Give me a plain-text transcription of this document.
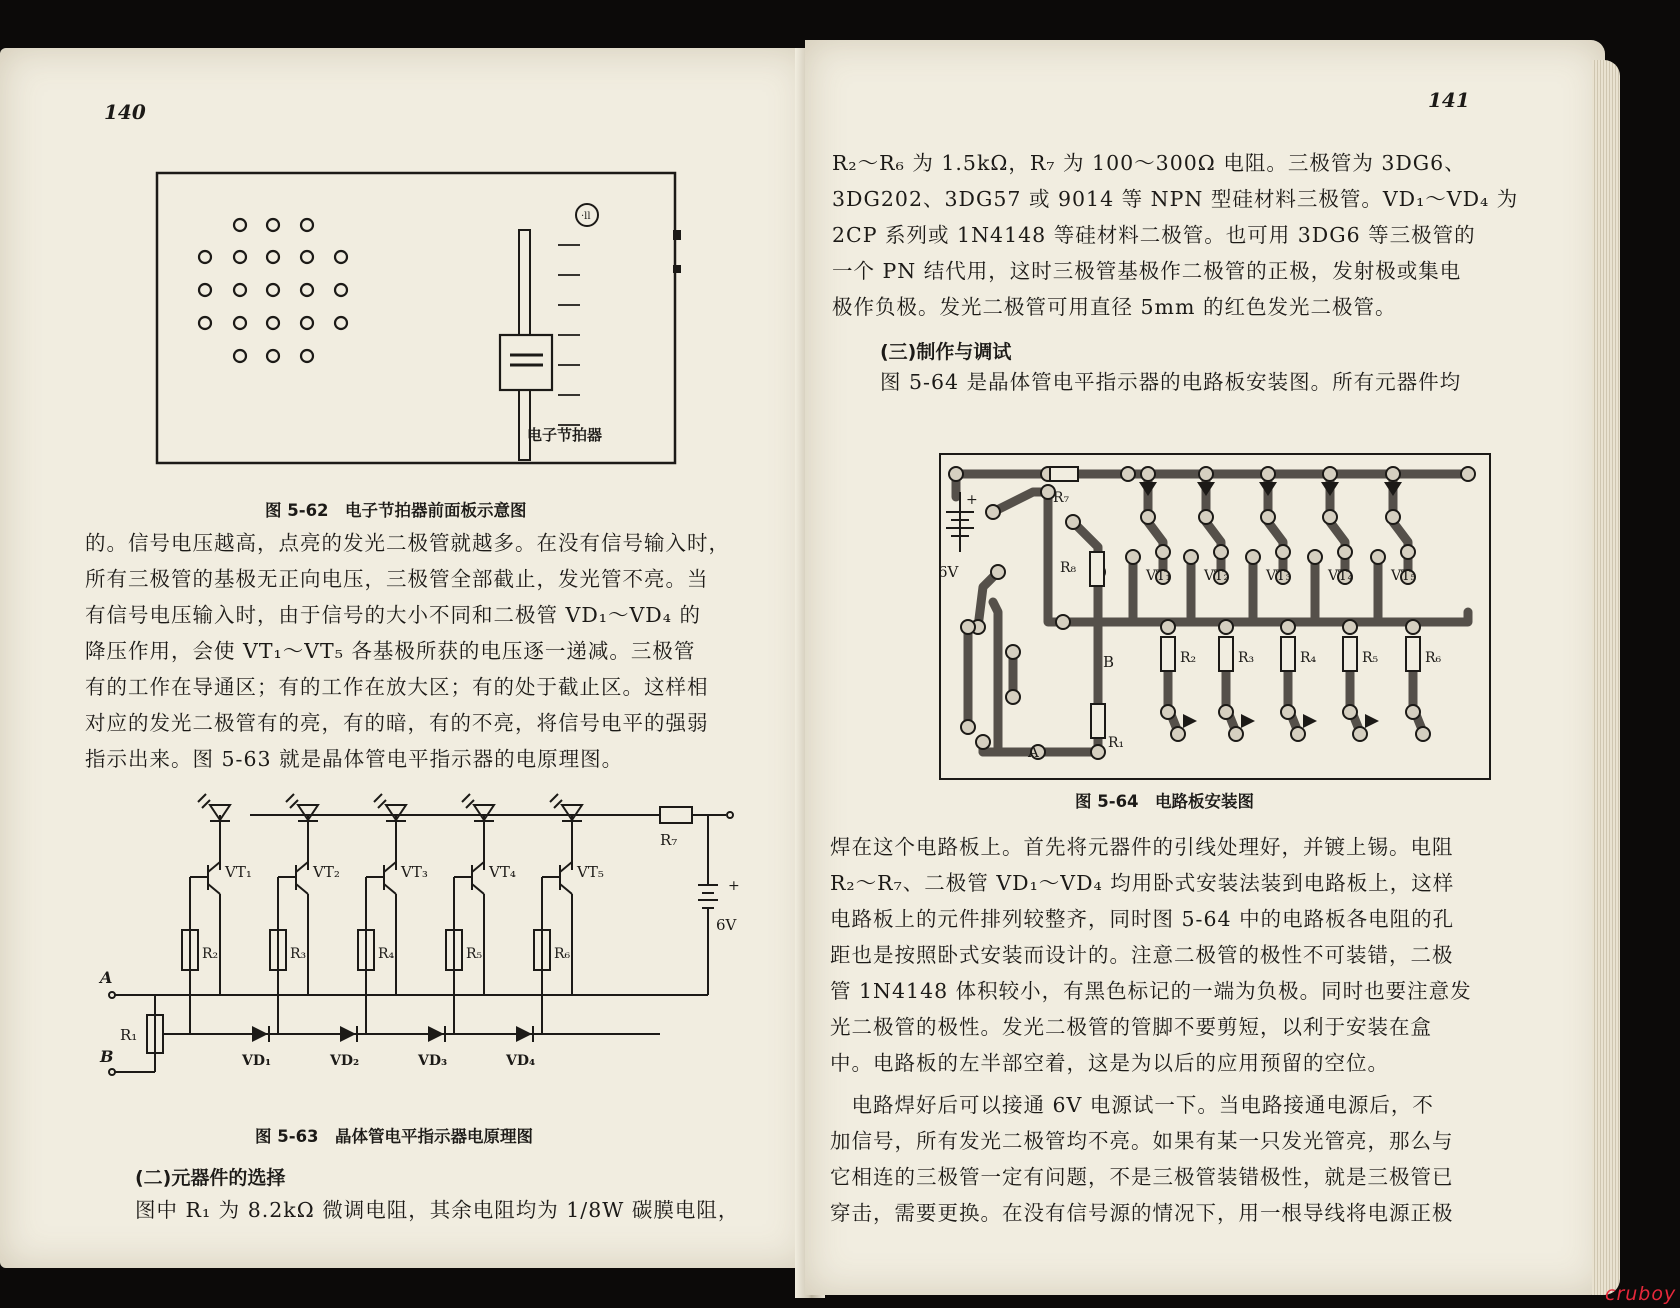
140
·ll
电子节拍器
图 5-62　电子节拍器前面板示意图
的。信号电压越高，点亮的发光二极管就越多。在没有信号输入时，
所有三极管的基极无正向电压，三极管全部截止，发光管不亮。当
有信号电压输入时，由于信号的大小不同和二极管 VD₁～VD₄ 的
降压作用，会使 VT₁～VT₅ 各基极所获的电压逐一递减。三极管
有的工作在导通区；有的工作在放大区；有的处于截止区。这样相
对应的发光二极管有的亮，有的暗，有的不亮，将信号电平的强弱
指示出来。图 5-63 就是晶体管电平指示器的电原理图。
R₇
+
6V
A
B
R₁
VT₁
R₂
VD₁
VT₂
R₃
VD₂
VT₃
R₄
VD₃
VT₄
R₅
VD₄
VT₅
R₆
图 5-63　晶体管电平指示器电原理图
(二)元器件的选择
图中 R₁ 为 8.2kΩ 微调电阻，其余电阻均为 1/8W 碳膜电阻，
141
R₂～R₆ 为 1.5kΩ，R₇ 为 100～300Ω 电阻。三极管为 3DG6、
3DG202、3DG57 或 9014 等 NPN 型硅材料三极管。VD₁～VD₄ 为
2CP 系列或 1N4148 等硅材料二极管。也可用 3DG6 等三极管的
一个 PN 结代用，这时三极管基极作二极管的正极，发射极或集电
极作负极。发光二极管可用直径 5mm 的红色发光二极管。
(三)制作与调试
图 5-64 是晶体管电平指示器的电路板安装图。所有元器件均
+
6V
R₇
R₈
R₁
B
A
VT₁
R₂
VT₂
R₃
VT₃
R₄
VT₄
R₅
VT₅
R₆
图 5-64　电路板安装图
焊在这个电路板上。首先将元器件的引线处理好，并镀上锡。电阻
R₂～R₇、二极管 VD₁～VD₄ 均用卧式安装法装到电路板上，这样
电路板上的元件排列较整齐，同时图 5-64 中的电路板各电阻的孔
距也是按照卧式安装而设计的。注意二极管的极性不可装错，二极
管 1N4148 体积较小，有黑色标记的一端为负极。同时也要注意发
光二极管的极性。发光二极管的管脚不要剪短，以利于安装在盒
中。电路板的左半部空着，这是为以后的应用预留的空位。
　电路焊好后可以接通 6V 电源试一下。当电路接通电源后，不
加信号，所有发光二极管均不亮。如果有某一只发光管亮，那么与
它相连的三极管一定有问题，不是三极管装错极性，就是三极管已
穿击，需要更换。在没有信号源的情况下，用一根导线将电源正极
cruboy
